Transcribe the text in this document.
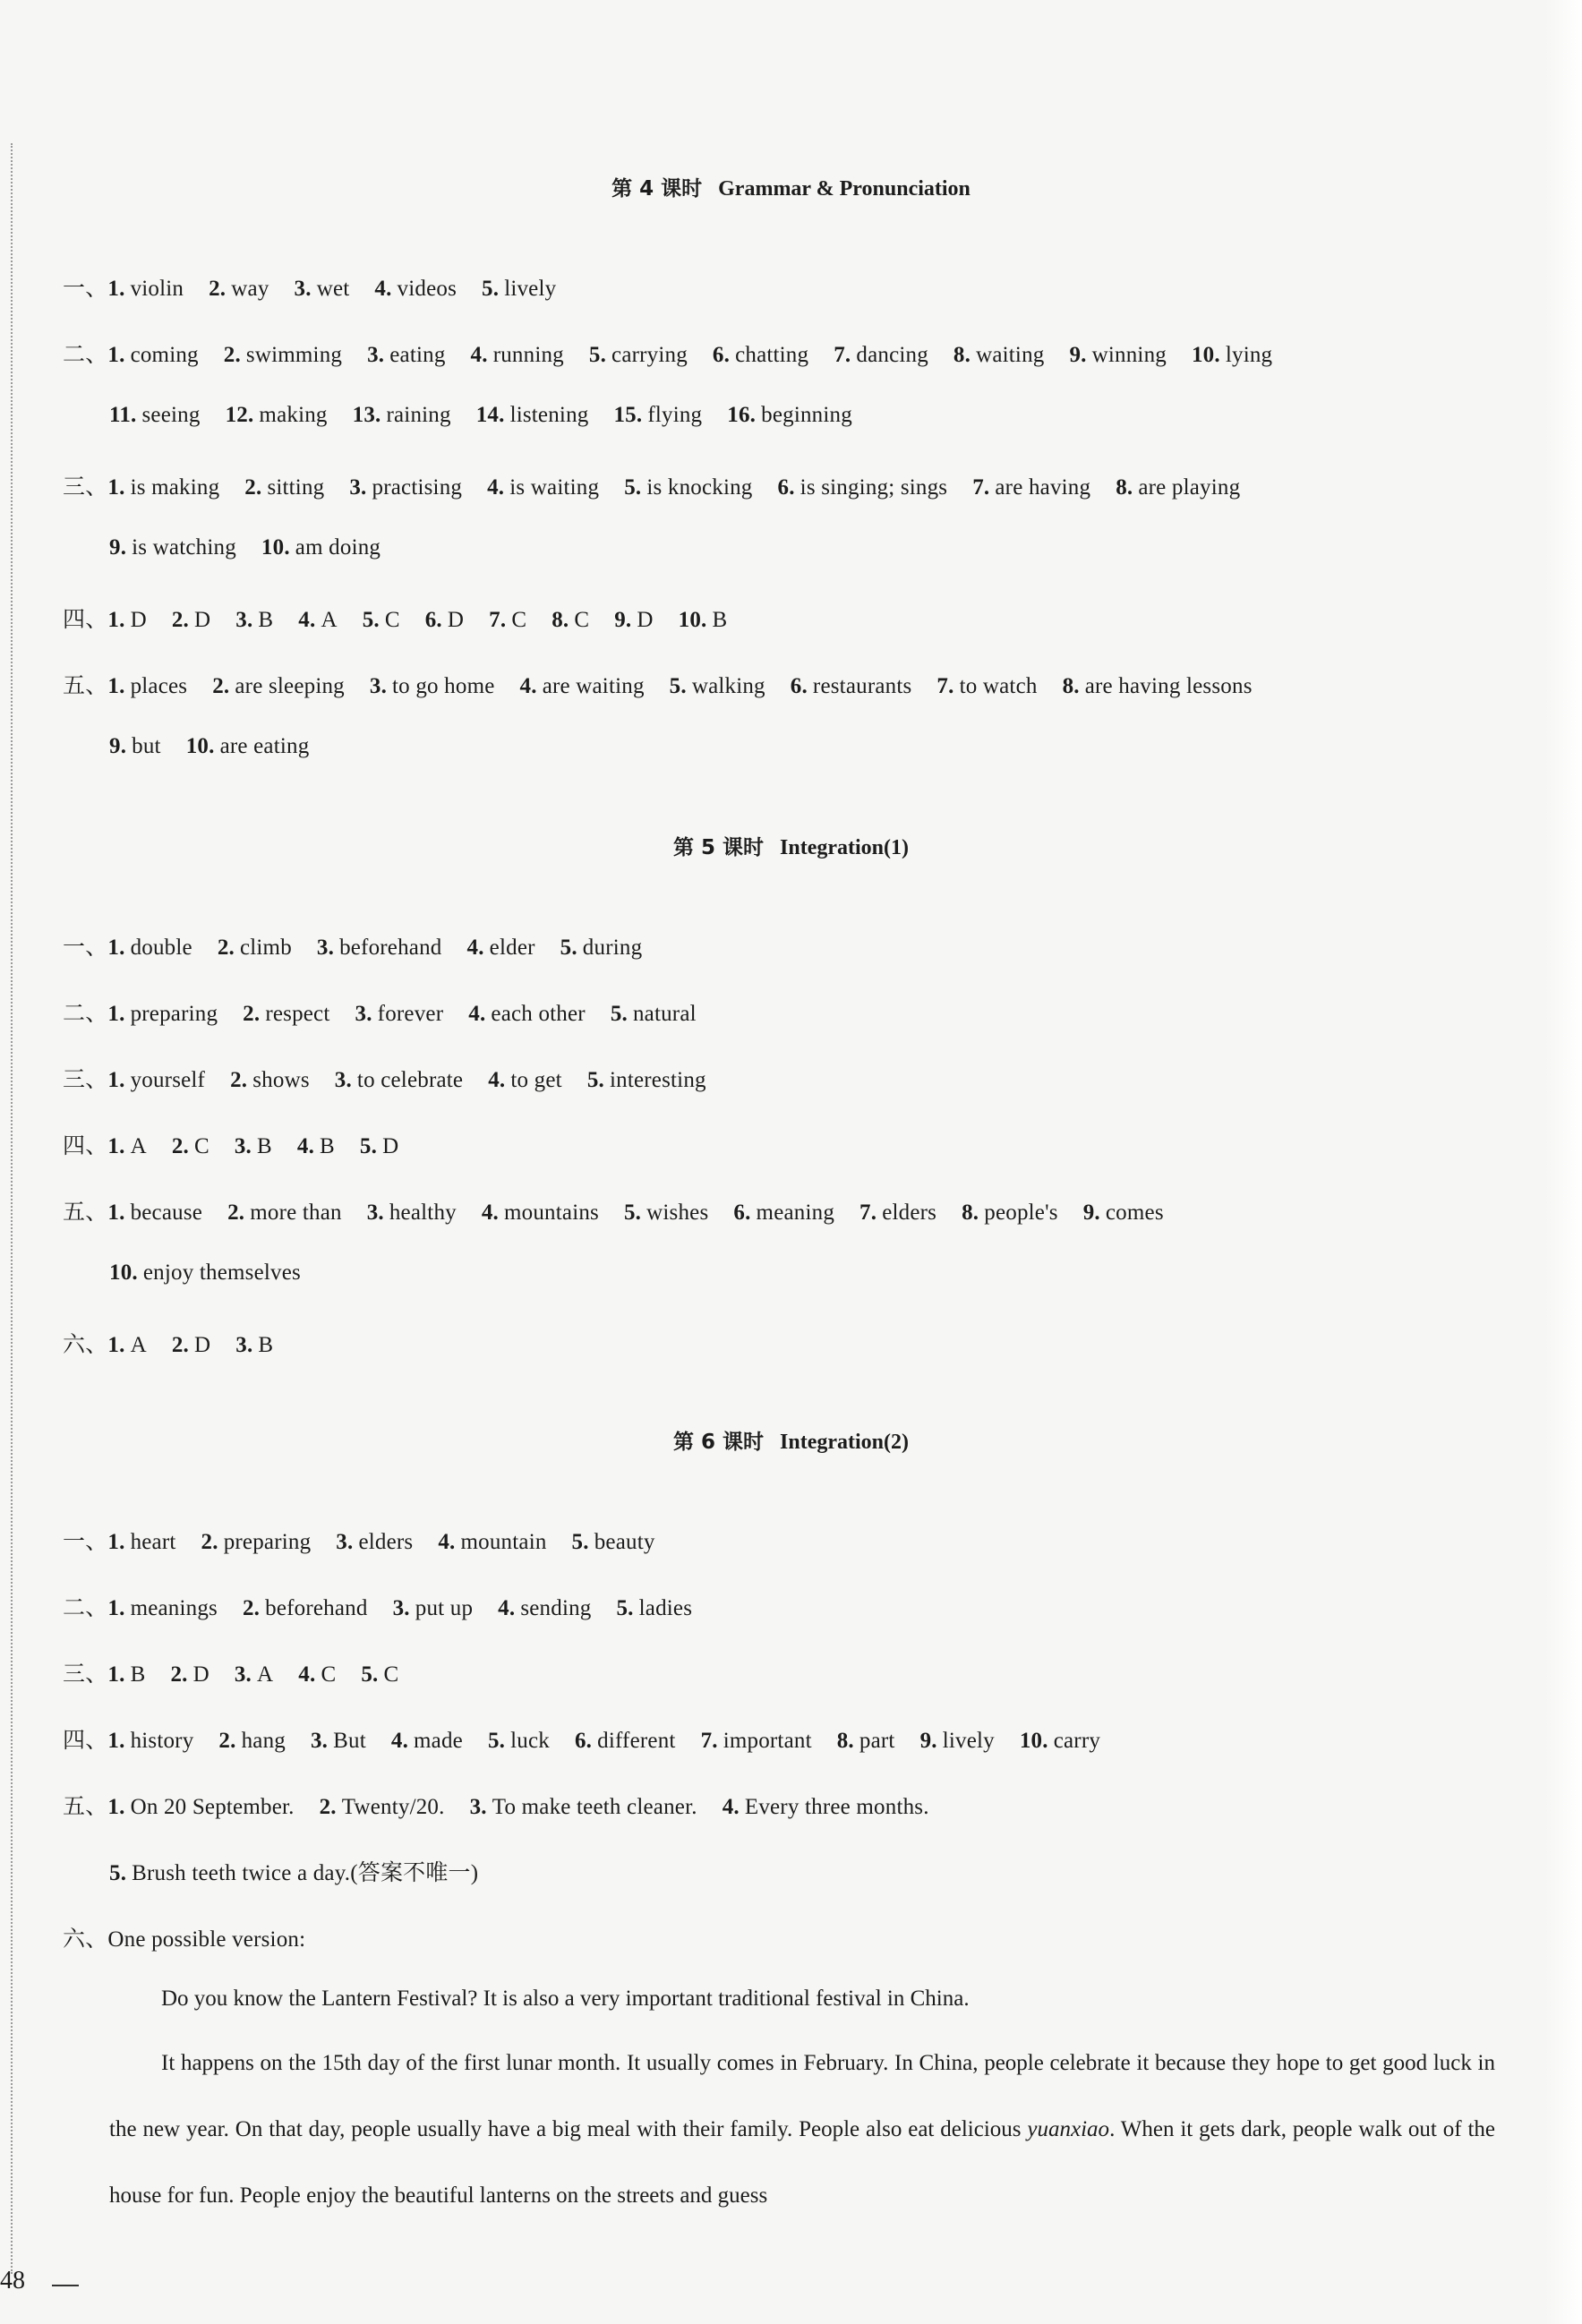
第 4 课时 Grammar & Pronunciation
一、1. violin 2. way 3. wet 4. videos 5. lively
二、1. coming 2. swimming 3. eating 4. running 5. carrying 6. chatting 7. dancing 8. waiting 9. winning 10. lying
11. seeing 12. making 13. raining 14. listening 15. flying 16. beginning
三、1. is making 2. sitting 3. practising 4. is waiting 5. is knocking 6. is singing; sings 7. are having 8. are playing
9. is watching 10. am doing
四、1. D 2. D 3. B 4. A 5. C 6. D 7. C 8. C 9. D 10. B
五、1. places 2. are sleeping 3. to go home 4. are waiting 5. walking 6. restaurants 7. to watch 8. are having lessons
9. but 10. are eating
第 5 课时 Integration(1)
一、1. double 2. climb 3. beforehand 4. elder 5. during
二、1. preparing 2. respect 3. forever 4. each other 5. natural
三、1. yourself 2. shows 3. to celebrate 4. to get 5. interesting
四、1. A 2. C 3. B 4. B 5. D
五、1. because 2. more than 3. healthy 4. mountains 5. wishes 6. meaning 7. elders 8. people's 9. comes
10. enjoy themselves
六、1. A 2. D 3. B
第 6 课时 Integration(2)
一、1. heart 2. preparing 3. elders 4. mountain 5. beauty
二、1. meanings 2. beforehand 3. put up 4. sending 5. ladies
三、1. B 2. D 3. A 4. C 5. C
四、1. history 2. hang 3. But 4. made 5. luck 6. different 7. important 8. part 9. lively 10. carry
五、1. On 20 September. 2. Twenty/20. 3. To make teeth cleaner. 4. Every three months.
5. Brush teeth twice a day.(答案不唯一)
六、One possible version:
Do you know the Lantern Festival? It is also a very important traditional festival in China.
It happens on the 15th day of the first lunar month. It usually comes in February. In China, people celebrate it because they hope to get good luck in the new year. On that day, people usually have a big meal with their family. People also eat delicious yuanxiao. When it gets dark, people walk out of the house for fun. People enjoy the beautiful lanterns on the streets and guess
48
